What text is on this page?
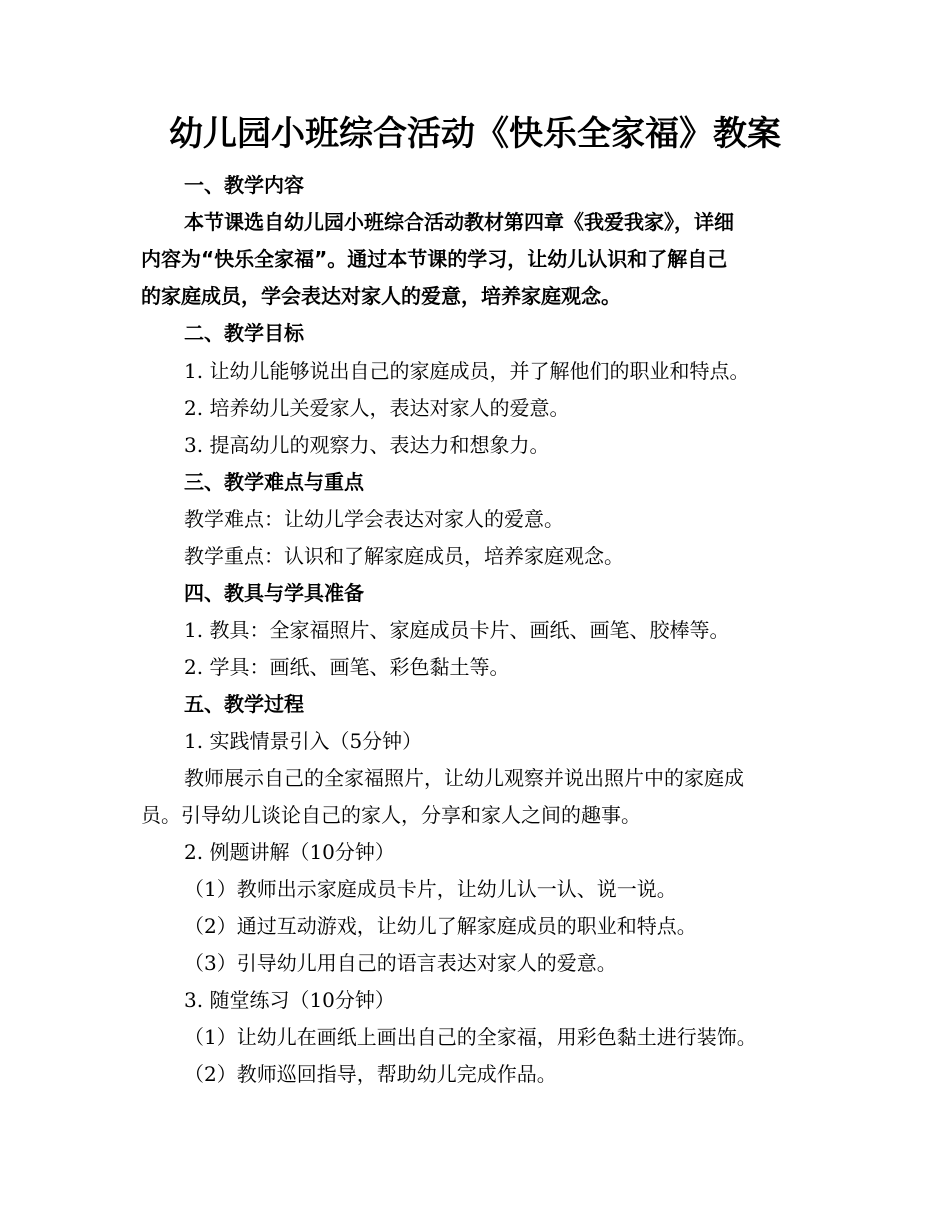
幼儿园小班综合活动《快乐全家福》教案
一、教学内容
本节课选自幼儿园小班综合活动教材第四章《我爱我家》，详细
内容为“快乐全家福”。通过本节课的学习，让幼儿认识和了解自己
的家庭成员，学会表达对家人的爱意，培养家庭观念。
二、教学目标
1. 让幼儿能够说出自己的家庭成员，并了解他们的职业和特点。
2. 培养幼儿关爱家人，表达对家人的爱意。
3. 提高幼儿的观察力、表达力和想象力。
三、教学难点与重点
教学难点：让幼儿学会表达对家人的爱意。
教学重点：认识和了解家庭成员，培养家庭观念。
四、教具与学具准备
1. 教具：全家福照片、家庭成员卡片、画纸、画笔、胶棒等。
2. 学具：画纸、画笔、彩色黏土等。
五、教学过程
1. 实践情景引入（5分钟）
教师展示自己的全家福照片，让幼儿观察并说出照片中的家庭成
员。引导幼儿谈论自己的家人，分享和家人之间的趣事。
2. 例题讲解（10分钟）
（1）教师出示家庭成员卡片，让幼儿认一认、说一说。
（2）通过互动游戏，让幼儿了解家庭成员的职业和特点。
（3）引导幼儿用自己的语言表达对家人的爱意。
3. 随堂练习（10分钟）
（1）让幼儿在画纸上画出自己的全家福，用彩色黏土进行装饰。
（2）教师巡回指导，帮助幼儿完成作品。
